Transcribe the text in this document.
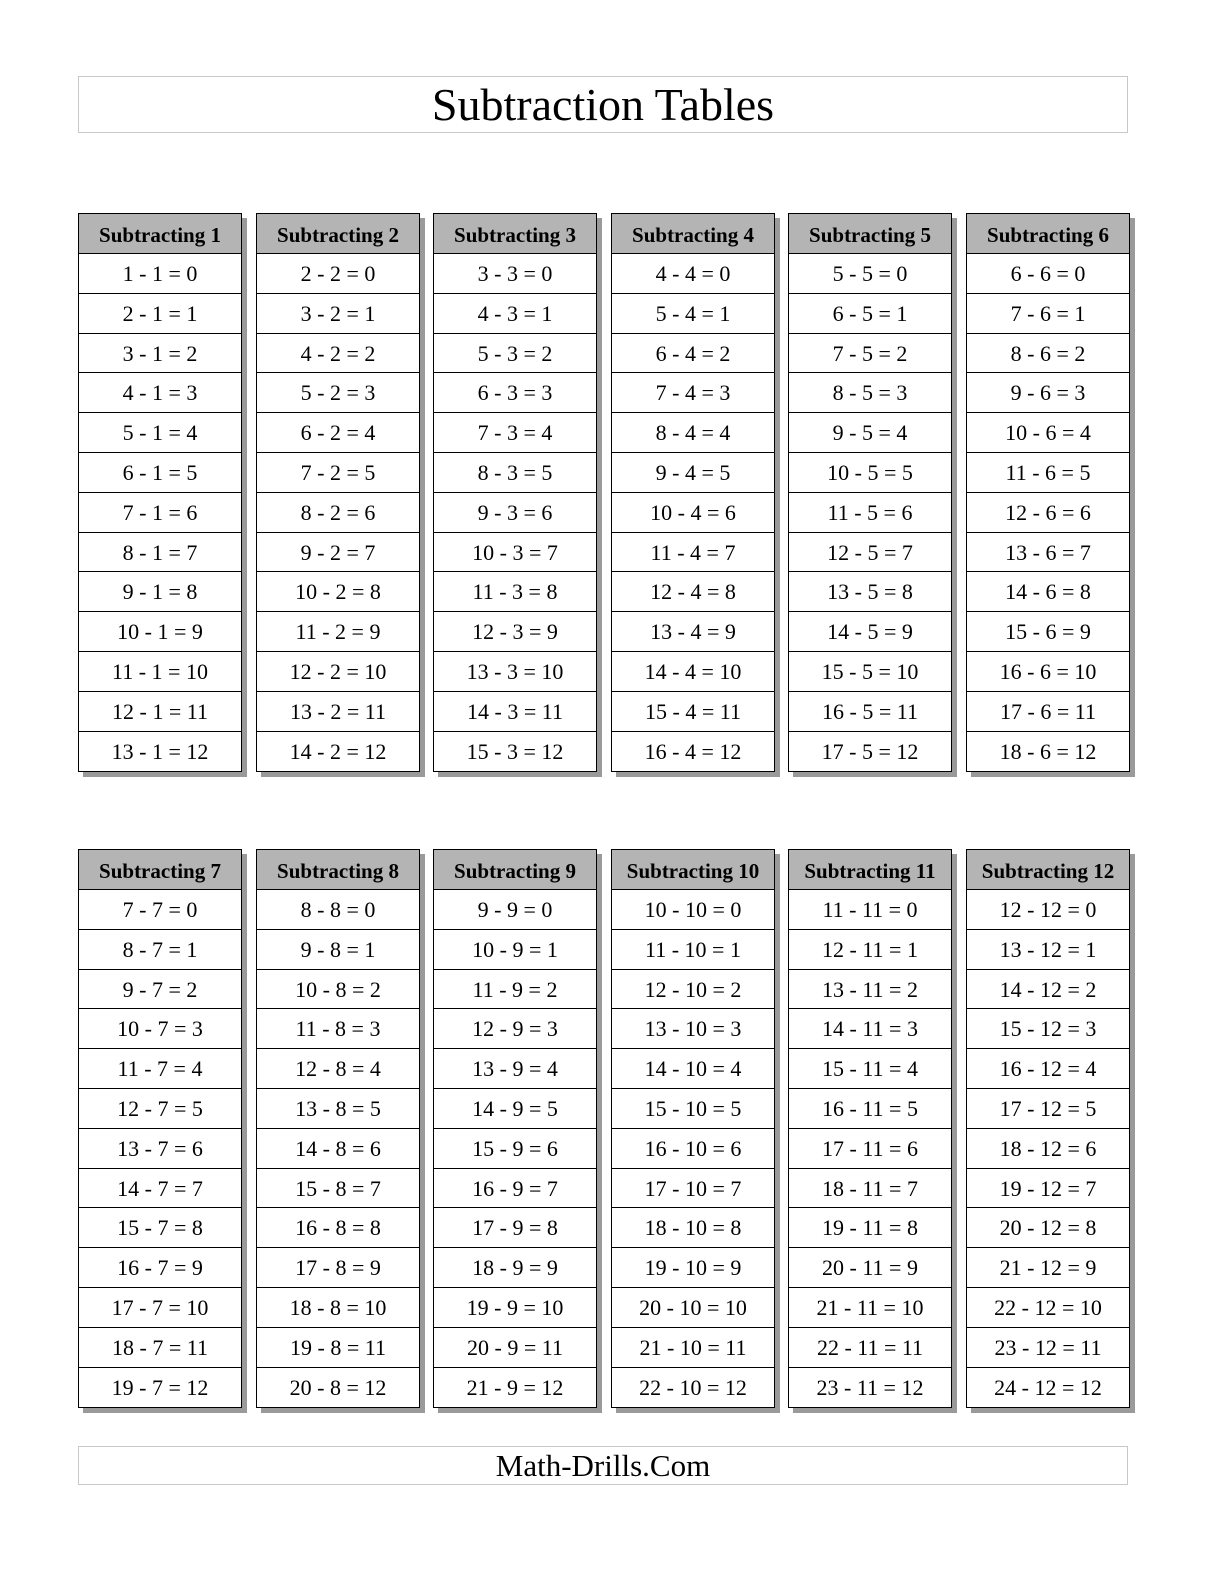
Subtraction Tables
Subtracting 1
1 - 1 = 0
2 - 1 = 1
3 - 1 = 2
4 - 1 = 3
5 - 1 = 4
6 - 1 = 5
7 - 1 = 6
8 - 1 = 7
9 - 1 = 8
10 - 1 = 9
11 - 1 = 10
12 - 1 = 11
13 - 1 = 12
Subtracting 2
2 - 2 = 0
3 - 2 = 1
4 - 2 = 2
5 - 2 = 3
6 - 2 = 4
7 - 2 = 5
8 - 2 = 6
9 - 2 = 7
10 - 2 = 8
11 - 2 = 9
12 - 2 = 10
13 - 2 = 11
14 - 2 = 12
Subtracting 3
3 - 3 = 0
4 - 3 = 1
5 - 3 = 2
6 - 3 = 3
7 - 3 = 4
8 - 3 = 5
9 - 3 = 6
10 - 3 = 7
11 - 3 = 8
12 - 3 = 9
13 - 3 = 10
14 - 3 = 11
15 - 3 = 12
Subtracting 4
4 - 4 = 0
5 - 4 = 1
6 - 4 = 2
7 - 4 = 3
8 - 4 = 4
9 - 4 = 5
10 - 4 = 6
11 - 4 = 7
12 - 4 = 8
13 - 4 = 9
14 - 4 = 10
15 - 4 = 11
16 - 4 = 12
Subtracting 5
5 - 5 = 0
6 - 5 = 1
7 - 5 = 2
8 - 5 = 3
9 - 5 = 4
10 - 5 = 5
11 - 5 = 6
12 - 5 = 7
13 - 5 = 8
14 - 5 = 9
15 - 5 = 10
16 - 5 = 11
17 - 5 = 12
Subtracting 6
6 - 6 = 0
7 - 6 = 1
8 - 6 = 2
9 - 6 = 3
10 - 6 = 4
11 - 6 = 5
12 - 6 = 6
13 - 6 = 7
14 - 6 = 8
15 - 6 = 9
16 - 6 = 10
17 - 6 = 11
18 - 6 = 12
Subtracting 7
7 - 7 = 0
8 - 7 = 1
9 - 7 = 2
10 - 7 = 3
11 - 7 = 4
12 - 7 = 5
13 - 7 = 6
14 - 7 = 7
15 - 7 = 8
16 - 7 = 9
17 - 7 = 10
18 - 7 = 11
19 - 7 = 12
Subtracting 8
8 - 8 = 0
9 - 8 = 1
10 - 8 = 2
11 - 8 = 3
12 - 8 = 4
13 - 8 = 5
14 - 8 = 6
15 - 8 = 7
16 - 8 = 8
17 - 8 = 9
18 - 8 = 10
19 - 8 = 11
20 - 8 = 12
Subtracting 9
9 - 9 = 0
10 - 9 = 1
11 - 9 = 2
12 - 9 = 3
13 - 9 = 4
14 - 9 = 5
15 - 9 = 6
16 - 9 = 7
17 - 9 = 8
18 - 9 = 9
19 - 9 = 10
20 - 9 = 11
21 - 9 = 12
Subtracting 10
10 - 10 = 0
11 - 10 = 1
12 - 10 = 2
13 - 10 = 3
14 - 10 = 4
15 - 10 = 5
16 - 10 = 6
17 - 10 = 7
18 - 10 = 8
19 - 10 = 9
20 - 10 = 10
21 - 10 = 11
22 - 10 = 12
Subtracting 11
11 - 11 = 0
12 - 11 = 1
13 - 11 = 2
14 - 11 = 3
15 - 11 = 4
16 - 11 = 5
17 - 11 = 6
18 - 11 = 7
19 - 11 = 8
20 - 11 = 9
21 - 11 = 10
22 - 11 = 11
23 - 11 = 12
Subtracting 12
12 - 12 = 0
13 - 12 = 1
14 - 12 = 2
15 - 12 = 3
16 - 12 = 4
17 - 12 = 5
18 - 12 = 6
19 - 12 = 7
20 - 12 = 8
21 - 12 = 9
22 - 12 = 10
23 - 12 = 11
24 - 12 = 12
Math-Drills.Com
